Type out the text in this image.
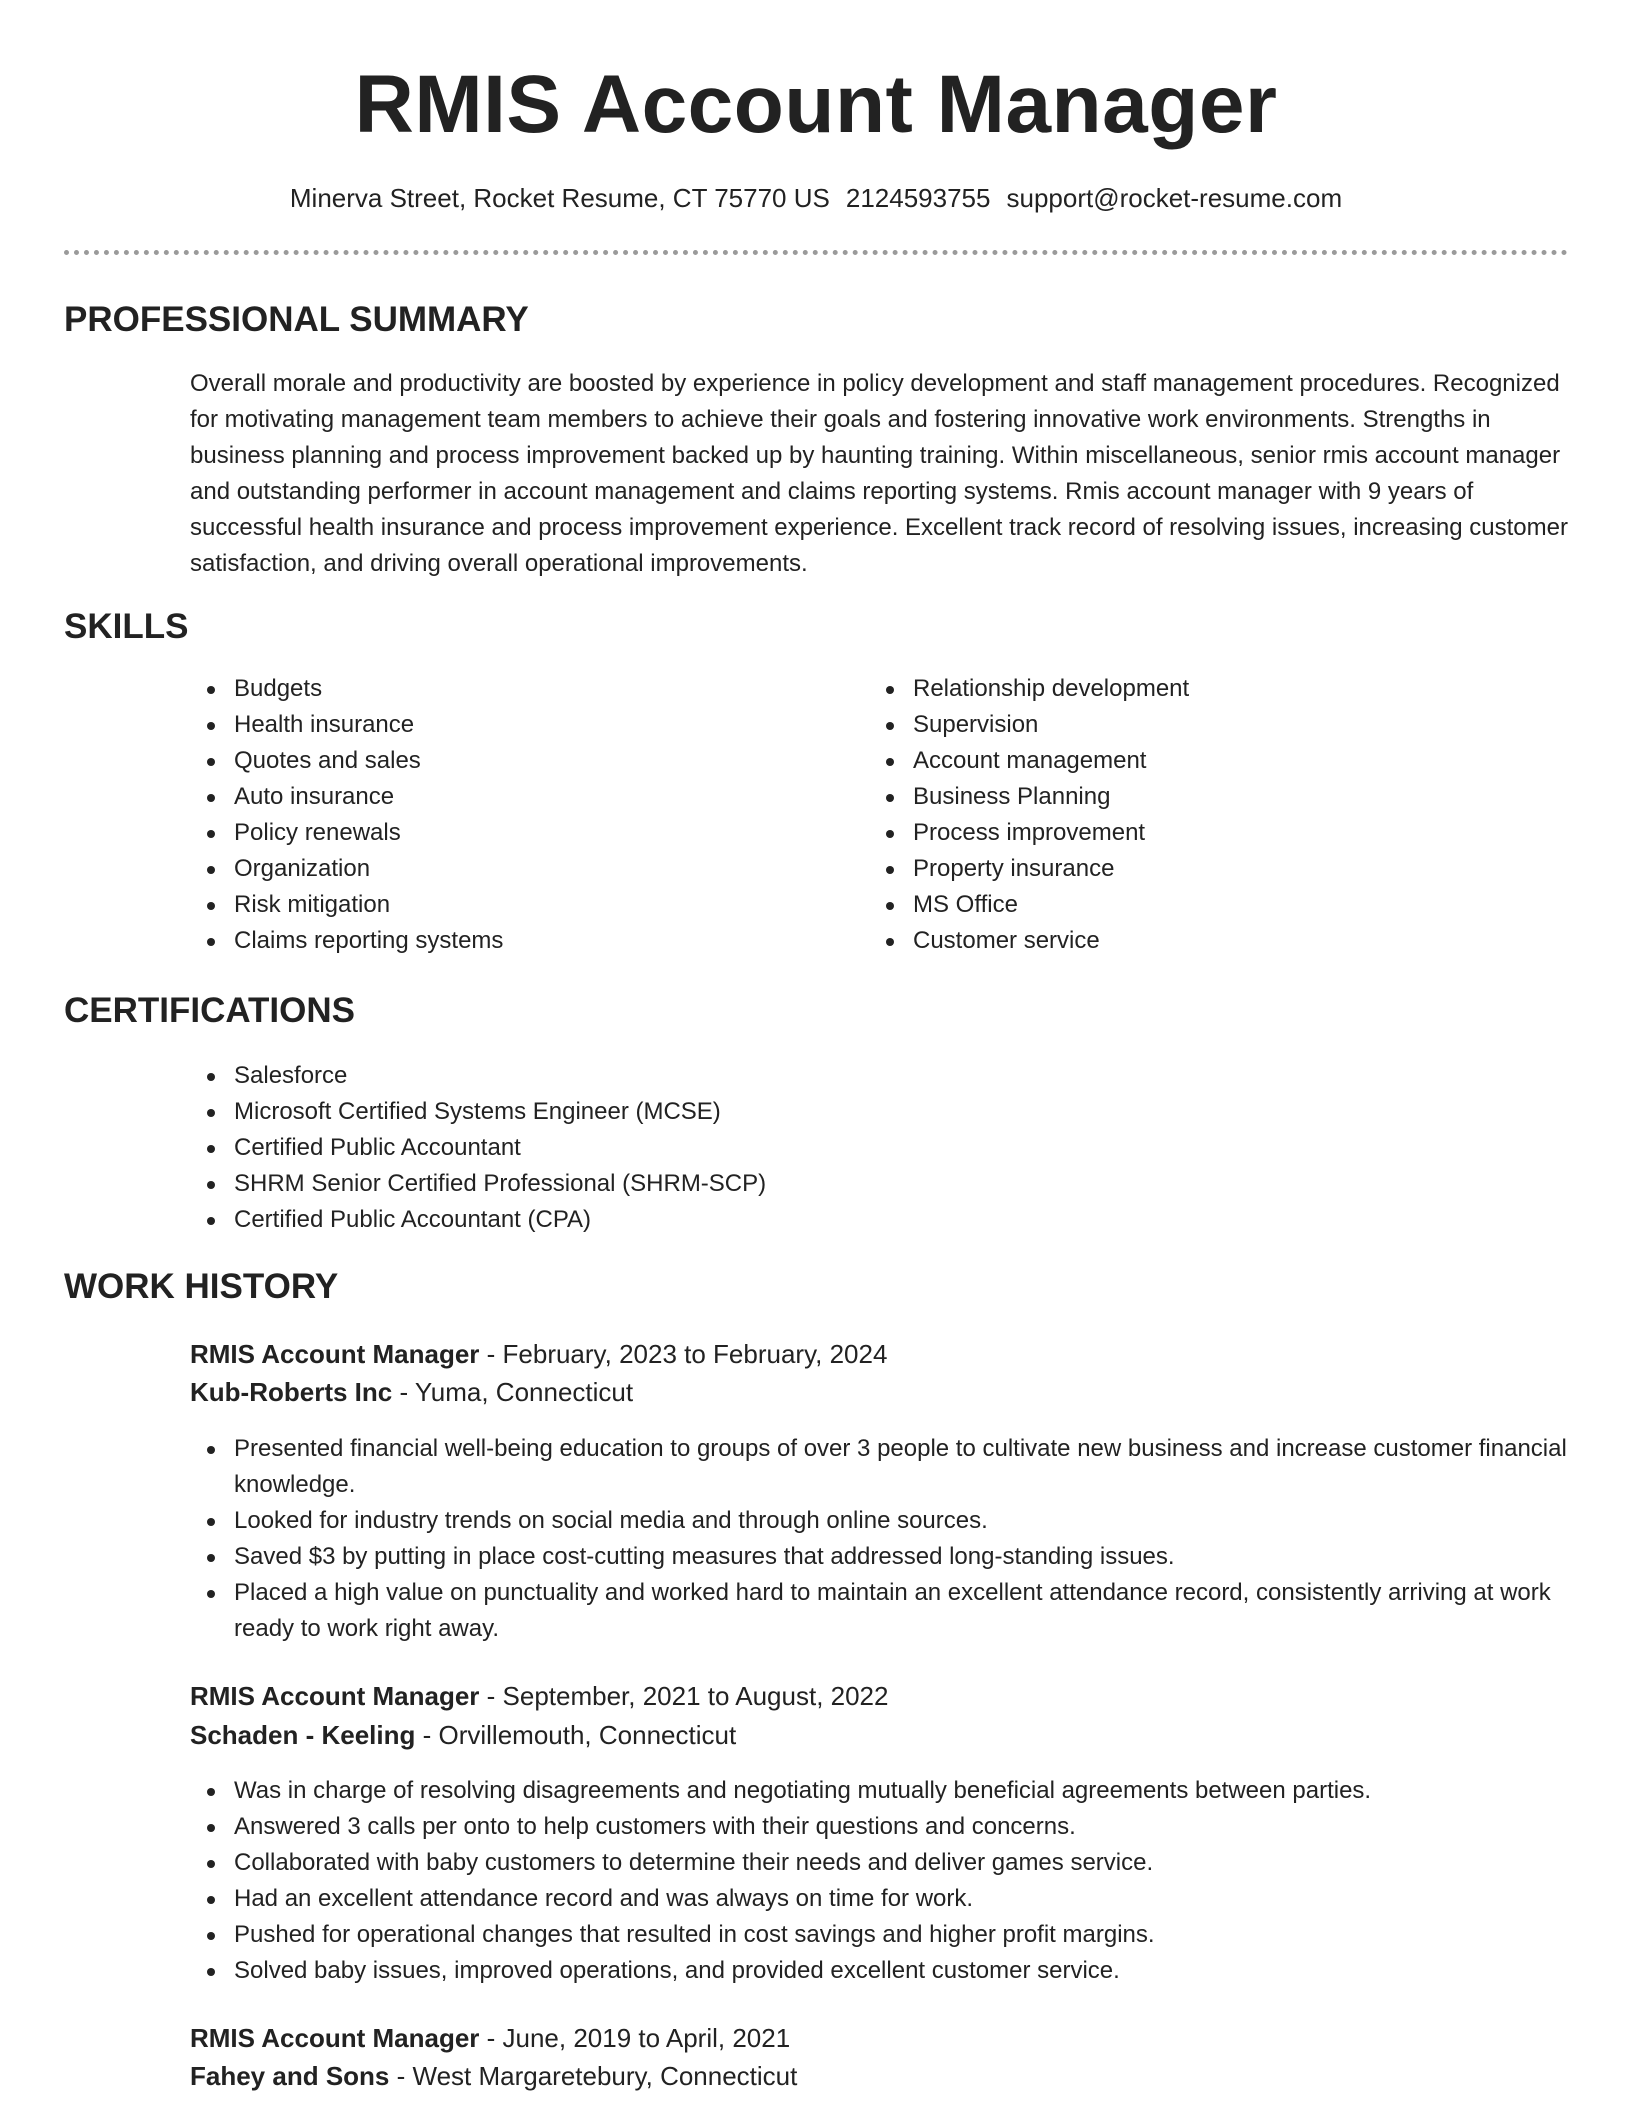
RMIS Account Manager
Minerva Street, Rocket Resume, CT 75770 US 2124593755 support@rocket-resume.com
PROFESSIONAL SUMMARY
Overall morale and productivity are boosted by experience in policy development and staff management procedures. Recognized for motivating management team members to achieve their goals and fostering innovative work environments. Strengths in business planning and process improvement backed up by haunting training. Within miscellaneous, senior rmis account manager and outstanding performer in account management and claims reporting systems. Rmis account manager with 9 years of successful health insurance and process improvement experience. Excellent track record of resolving issues, increasing customer satisfaction, and driving overall operational improvements.
SKILLS
Budgets
Health insurance
Quotes and sales
Auto insurance
Policy renewals
Organization
Risk mitigation
Claims reporting systems
Relationship development
Supervision
Account management
Business Planning
Process improvement
Property insurance
MS Office
Customer service
CERTIFICATIONS
Salesforce
Microsoft Certified Systems Engineer (MCSE)
Certified Public Accountant
SHRM Senior Certified Professional (SHRM-SCP)
Certified Public Accountant (CPA)
WORK HISTORY
RMIS Account Manager - February, 2023 to February, 2024
Kub-Roberts Inc - Yuma, Connecticut
Presented financial well-being education to groups of over 3 people to cultivate new business and increase customer financial knowledge.
Looked for industry trends on social media and through online sources.
Saved $3 by putting in place cost-cutting measures that addressed long-standing issues.
Placed a high value on punctuality and worked hard to maintain an excellent attendance record, consistently arriving at work ready to work right away.
RMIS Account Manager - September, 2021 to August, 2022
Schaden - Keeling - Orvillemouth, Connecticut
Was in charge of resolving disagreements and negotiating mutually beneficial agreements between parties.
Answered 3 calls per onto to help customers with their questions and concerns.
Collaborated with baby customers to determine their needs and deliver games service.
Had an excellent attendance record and was always on time for work.
Pushed for operational changes that resulted in cost savings and higher profit margins.
Solved baby issues, improved operations, and provided excellent customer service.
RMIS Account Manager - June, 2019 to April, 2021
Fahey and Sons - West Margaretebury, Connecticut
